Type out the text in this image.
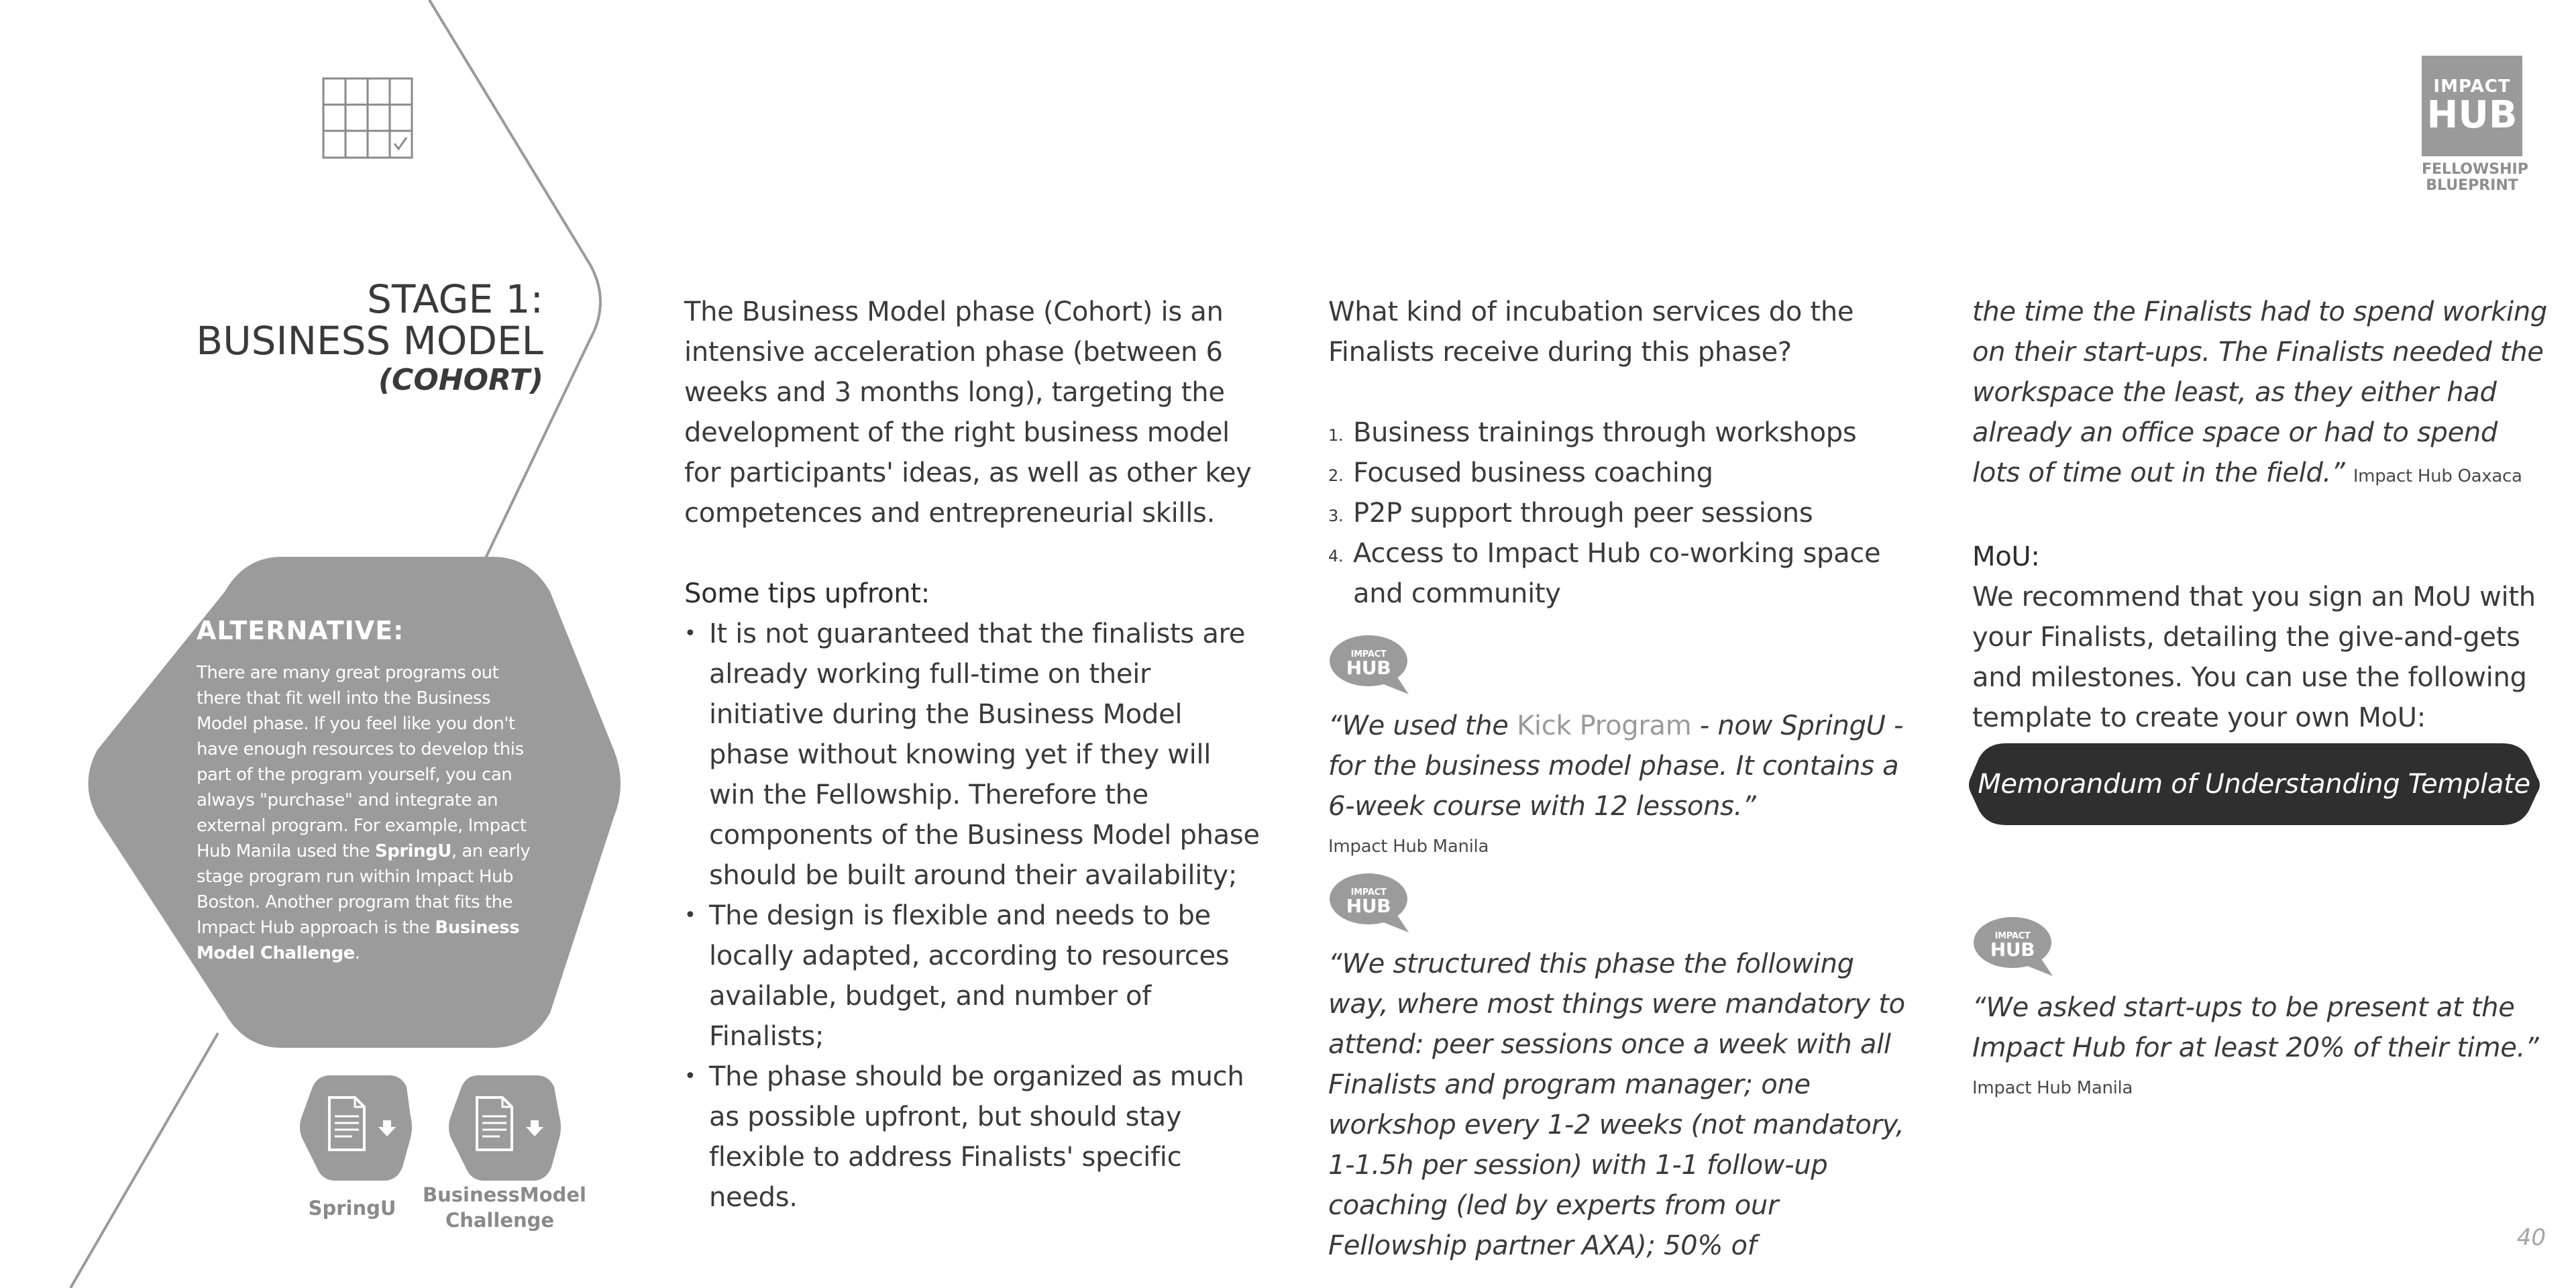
IMPACT
HUB
FELLOWSHIP
BLUEPRINT
STAGE 1:
BUSINESS MODEL
(COHORT)
ALTERNATIVE:
There are many great programs out there that fit well into the Business Model phase. If you feel like you don't have enough resources to develop this part of the program yourself, you can always "purchase" and integrate an external program. For example, Impact Hub Manila used the SpringU, an early stage program run within Impact Hub Boston. Another program that fits the Impact Hub approach is the Business Model Challenge.
SpringU
BusinessModel
Challenge

The Business Model phase (Cohort) is an intensive acceleration phase (between 6 weeks and 3 months long), targeting the development of the right business model for participants' ideas, as well as other key competences and entrepreneurial skills.

Some tips upfront:

• It is not guaranteed that the finalists are already working full-time on their initiative during the Business Model phase without knowing yet if they will win the Fellowship. Therefore the components of the Business Model phase should be built around their availability;
• The design is flexible and needs to be locally adapted, according to resources available, budget, and number of Finalists;
• The phase should be organized as much as possible upfront, but should stay flexible to address Finalists' specific needs.

What kind of incubation services do the Finalists receive during this phase?

1. Business trainings through workshops
2. Focused business coaching
3. P2P support through peer sessions
4. Access to Impact Hub co-working space and community
IMPACT
HUB

“We used the Kick Program - now SpringU - for the business model phase. It contains a 6-week course with 12 lessons.”

Impact Hub Manila

IMPACT
HUB

“We structured this phase the following way, where most things were mandatory to attend: peer sessions once a week with all Finalists and program manager; one workshop every 1-2 weeks (not mandatory, 1-1.5h per session) with 1-1 follow-up coaching (led by experts from our Fellowship partner AXA); 50% of

the time the Finalists had to spend working on their start-ups. The Finalists needed the workspace the least, as they either had already an office space or had to spend lots of time out in the field.” Impact Hub Oaxaca

MoU:

We recommend that you sign an MoU with your Finalists, detailing the give-and-gets and milestones. You can use the following template to create your own MoU:

Memorandum of Understanding Template
IMPACT
HUB

“We asked start-ups to be present at the Impact Hub for at least 20% of their time.”

Impact Hub Manila

40
